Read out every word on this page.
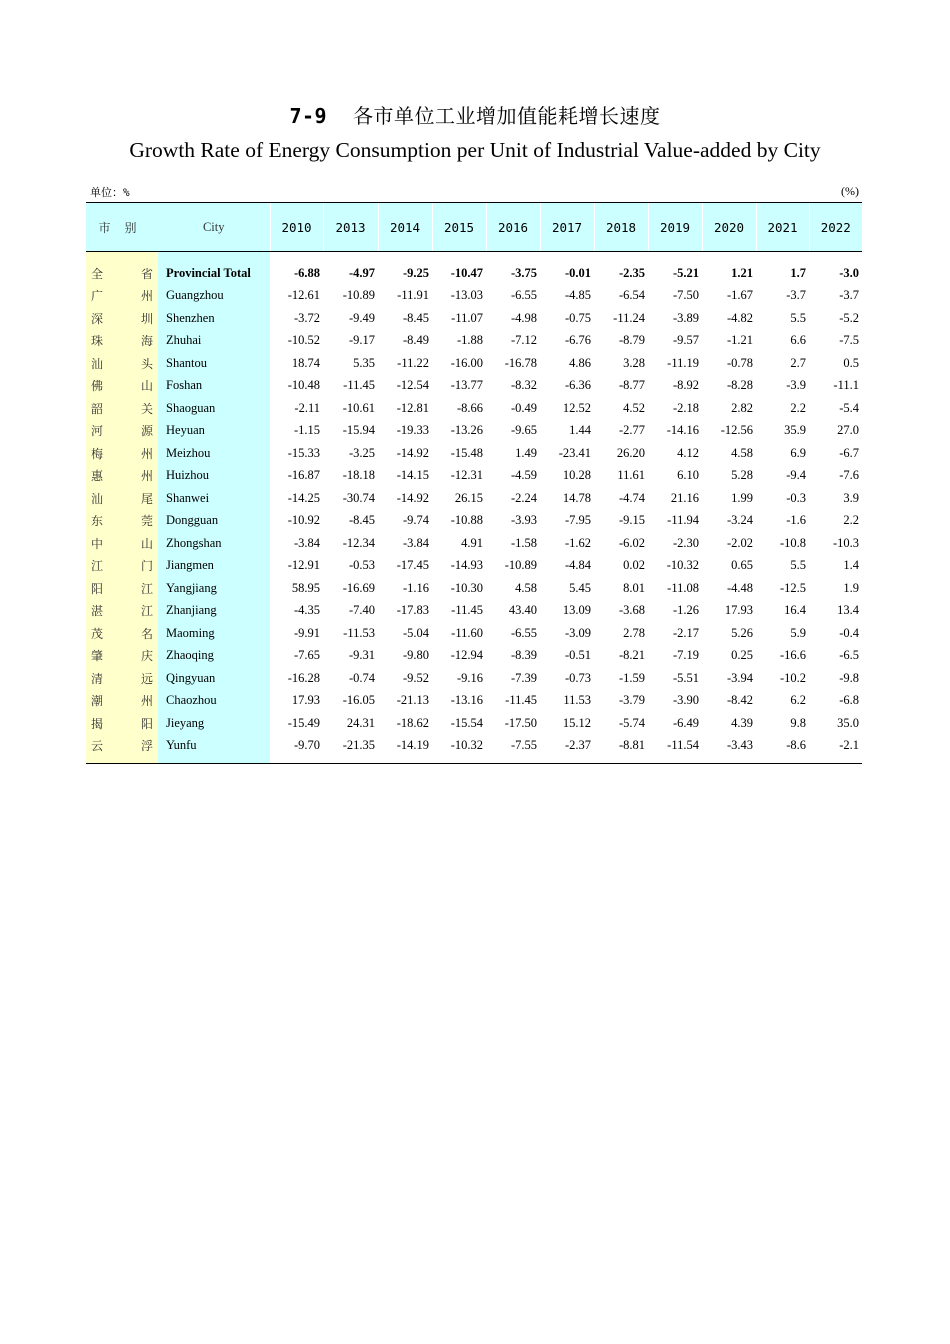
7-9 各市单位工业增加值能耗增长速度
Growth Rate of Energy Consumption per Unit of Industrial Value-added by City
单位：%	(%)
市别	City	2010	2013	2014	2015	2016	2017	2018	2019	2020	2021	2022

全 省	Provincial Total	-6.88	-4.97	-9.25	-10.47	-3.75	-0.01	-2.35	-5.21	1.21	1.7	-3.0
广 州	Guangzhou	-12.61	-10.89	-11.91	-13.03	-6.55	-4.85	-6.54	-7.50	-1.67	-3.7	-3.7
深 圳	Shenzhen	-3.72	-9.49	-8.45	-11.07	-4.98	-0.75	-11.24	-3.89	-4.82	5.5	-5.2
珠 海	Zhuhai	-10.52	-9.17	-8.49	-1.88	-7.12	-6.76	-8.79	-9.57	-1.21	6.6	-7.5
汕 头	Shantou	18.74	5.35	-11.22	-16.00	-16.78	4.86	3.28	-11.19	-0.78	2.7	0.5
佛 山	Foshan	-10.48	-11.45	-12.54	-13.77	-8.32	-6.36	-8.77	-8.92	-8.28	-3.9	-11.1
韶 关	Shaoguan	-2.11	-10.61	-12.81	-8.66	-0.49	12.52	4.52	-2.18	2.82	2.2	-5.4
河 源	Heyuan	-1.15	-15.94	-19.33	-13.26	-9.65	1.44	-2.77	-14.16	-12.56	35.9	27.0
梅 州	Meizhou	-15.33	-3.25	-14.92	-15.48	1.49	-23.41	26.20	4.12	4.58	6.9	-6.7
惠 州	Huizhou	-16.87	-18.18	-14.15	-12.31	-4.59	10.28	11.61	6.10	5.28	-9.4	-7.6
汕 尾	Shanwei	-14.25	-30.74	-14.92	26.15	-2.24	14.78	-4.74	21.16	1.99	-0.3	3.9
东 莞	Dongguan	-10.92	-8.45	-9.74	-10.88	-3.93	-7.95	-9.15	-11.94	-3.24	-1.6	2.2
中 山	Zhongshan	-3.84	-12.34	-3.84	4.91	-1.58	-1.62	-6.02	-2.30	-2.02	-10.8	-10.3
江 门	Jiangmen	-12.91	-0.53	-17.45	-14.93	-10.89	-4.84	0.02	-10.32	0.65	5.5	1.4
阳 江	Yangjiang	58.95	-16.69	-1.16	-10.30	4.58	5.45	8.01	-11.08	-4.48	-12.5	1.9
湛 江	Zhanjiang	-4.35	-7.40	-17.83	-11.45	43.40	13.09	-3.68	-1.26	17.93	16.4	13.4
茂 名	Maoming	-9.91	-11.53	-5.04	-11.60	-6.55	-3.09	2.78	-2.17	5.26	5.9	-0.4
肇 庆	Zhaoqing	-7.65	-9.31	-9.80	-12.94	-8.39	-0.51	-8.21	-7.19	0.25	-16.6	-6.5
清 远	Qingyuan	-16.28	-0.74	-9.52	-9.16	-7.39	-0.73	-1.59	-5.51	-3.94	-10.2	-9.8
潮 州	Chaozhou	17.93	-16.05	-21.13	-13.16	-11.45	11.53	-3.79	-3.90	-8.42	6.2	-6.8
揭 阳	Jieyang	-15.49	24.31	-18.62	-15.54	-17.50	15.12	-5.74	-6.49	4.39	9.8	35.0
云 浮	Yunfu	-9.70	-21.35	-14.19	-10.32	-7.55	-2.37	-8.81	-11.54	-3.43	-8.6	-2.1
